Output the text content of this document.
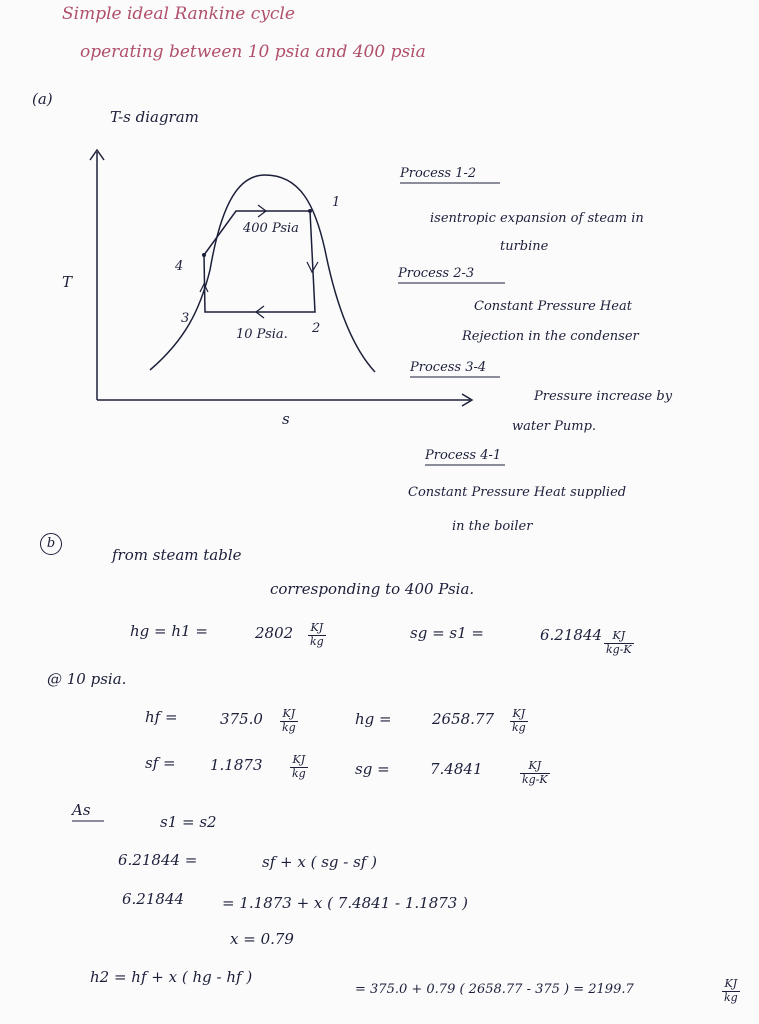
Simple ideal Rankine cycle
operating between 10 psia and 400 psia
(a)
T-s diagram
T
s
400 Psia
10 Psia.
1
2
3
4
Process 1-2
isentropic expansion of steam in
turbine
Process 2-3
Constant Pressure Heat
Rejection in the condenser
Process 3-4
Pressure increase by
water Pump.
Process 4-1
Constant Pressure Heat supplied
in the boiler
b
from steam table
corresponding to 400 Psia.
hg = h1 =	$2802 \frac{KJ}{kg}$	sg = s1 =	$6.21844 \frac{KJ}{kg-K}$
@ 10 psia.
hf =	$375.0 \frac{KJ}{kg}$	hg =	$2658.77 \frac{KJ}{kg}$
sf = 1.1873	$\frac{KJ}{kg}$	sg =	7.4841	$\frac{KJ}{kg-K}$
As
s1 = s2
6.21844 =	sf + x ( sg - sf )
6.21844	= 1.1873 + x ( 7.4841 - 1.1873 )
x = 0.79
h2 = hf + x ( hg - hf )
= 375.0 + 0.79 ( 2658.77 - 375 ) = 2199.7	$\frac{KJ}{kg}$
